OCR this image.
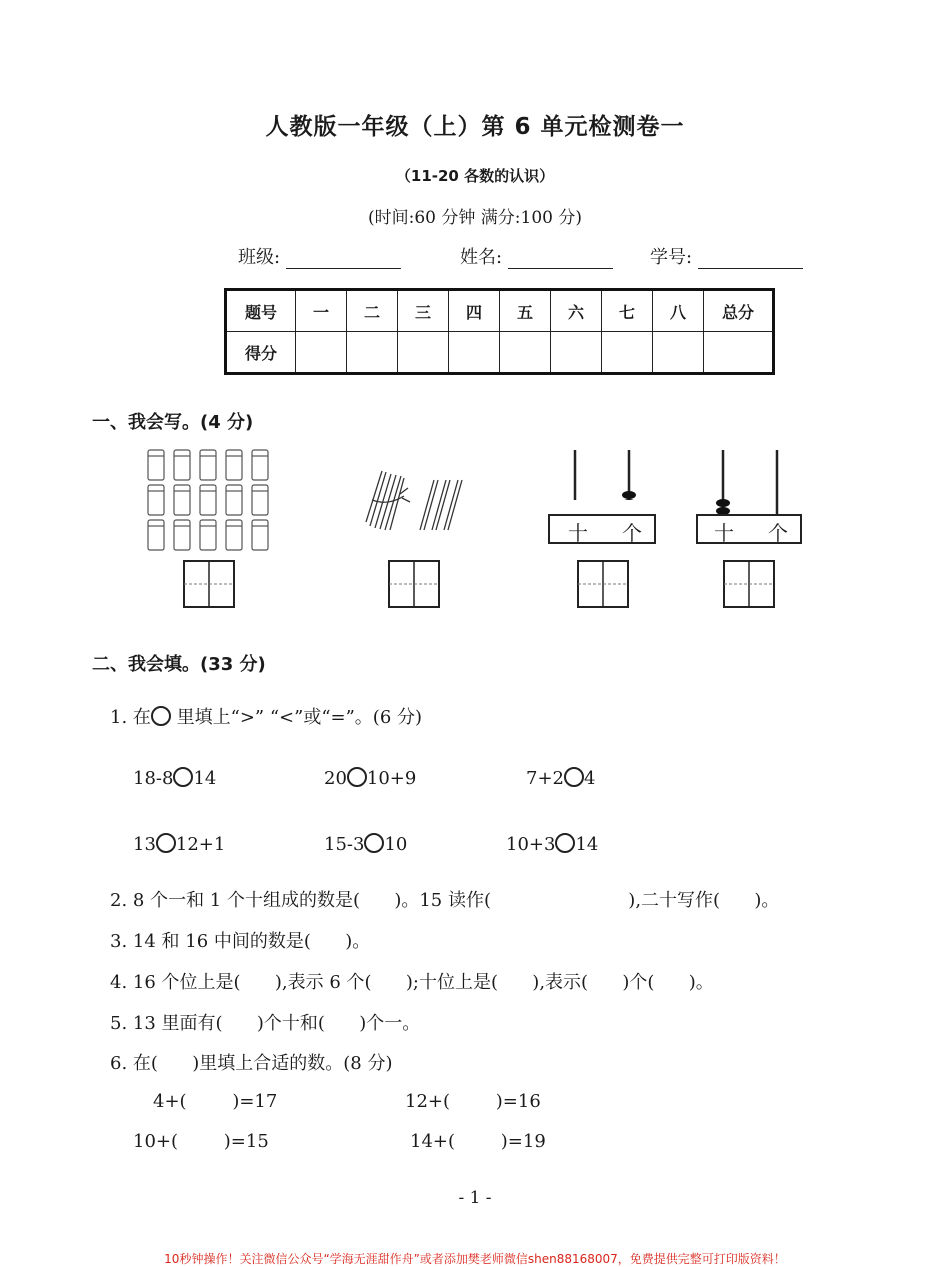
人教版一年级（上）第 6 单元检测卷一
（11-20 各数的认识）
(时间:60 分钟 满分:100 分)
班级:	姓名:	学号:
题号	一	二	三	四	五	六	七	八	总分
得分									
一、我会写。(4 分)
十 个	十 个
二、我会填。(33 分)
1. 在 里填上“>” “<”或“=”。(6 分)
18-8 14	20 10+9	7+2 4
13 12+1	15-3 10	10+3 14
2. 8 个一和 1 个十组成的数是(      )。15 读作(                        ),二十写作(      )。
3. 14 和 16 中间的数是(      )。
4. 16 个位上是(      ),表示 6 个(      );十位上是(      ),表示(      )个(      )。
5. 13 里面有(      )个十和(      )个一。
6. 在(      )里填上合适的数。(8 分)
4+(        )=17	12+(        )=16
10+(        )=15	14+(        )=19
- 1 -
10秒钟操作！关注微信公众号“学海无涯甜作舟”或者添加樊老师微信shen88168007，免费提供完整可打印版资料！
